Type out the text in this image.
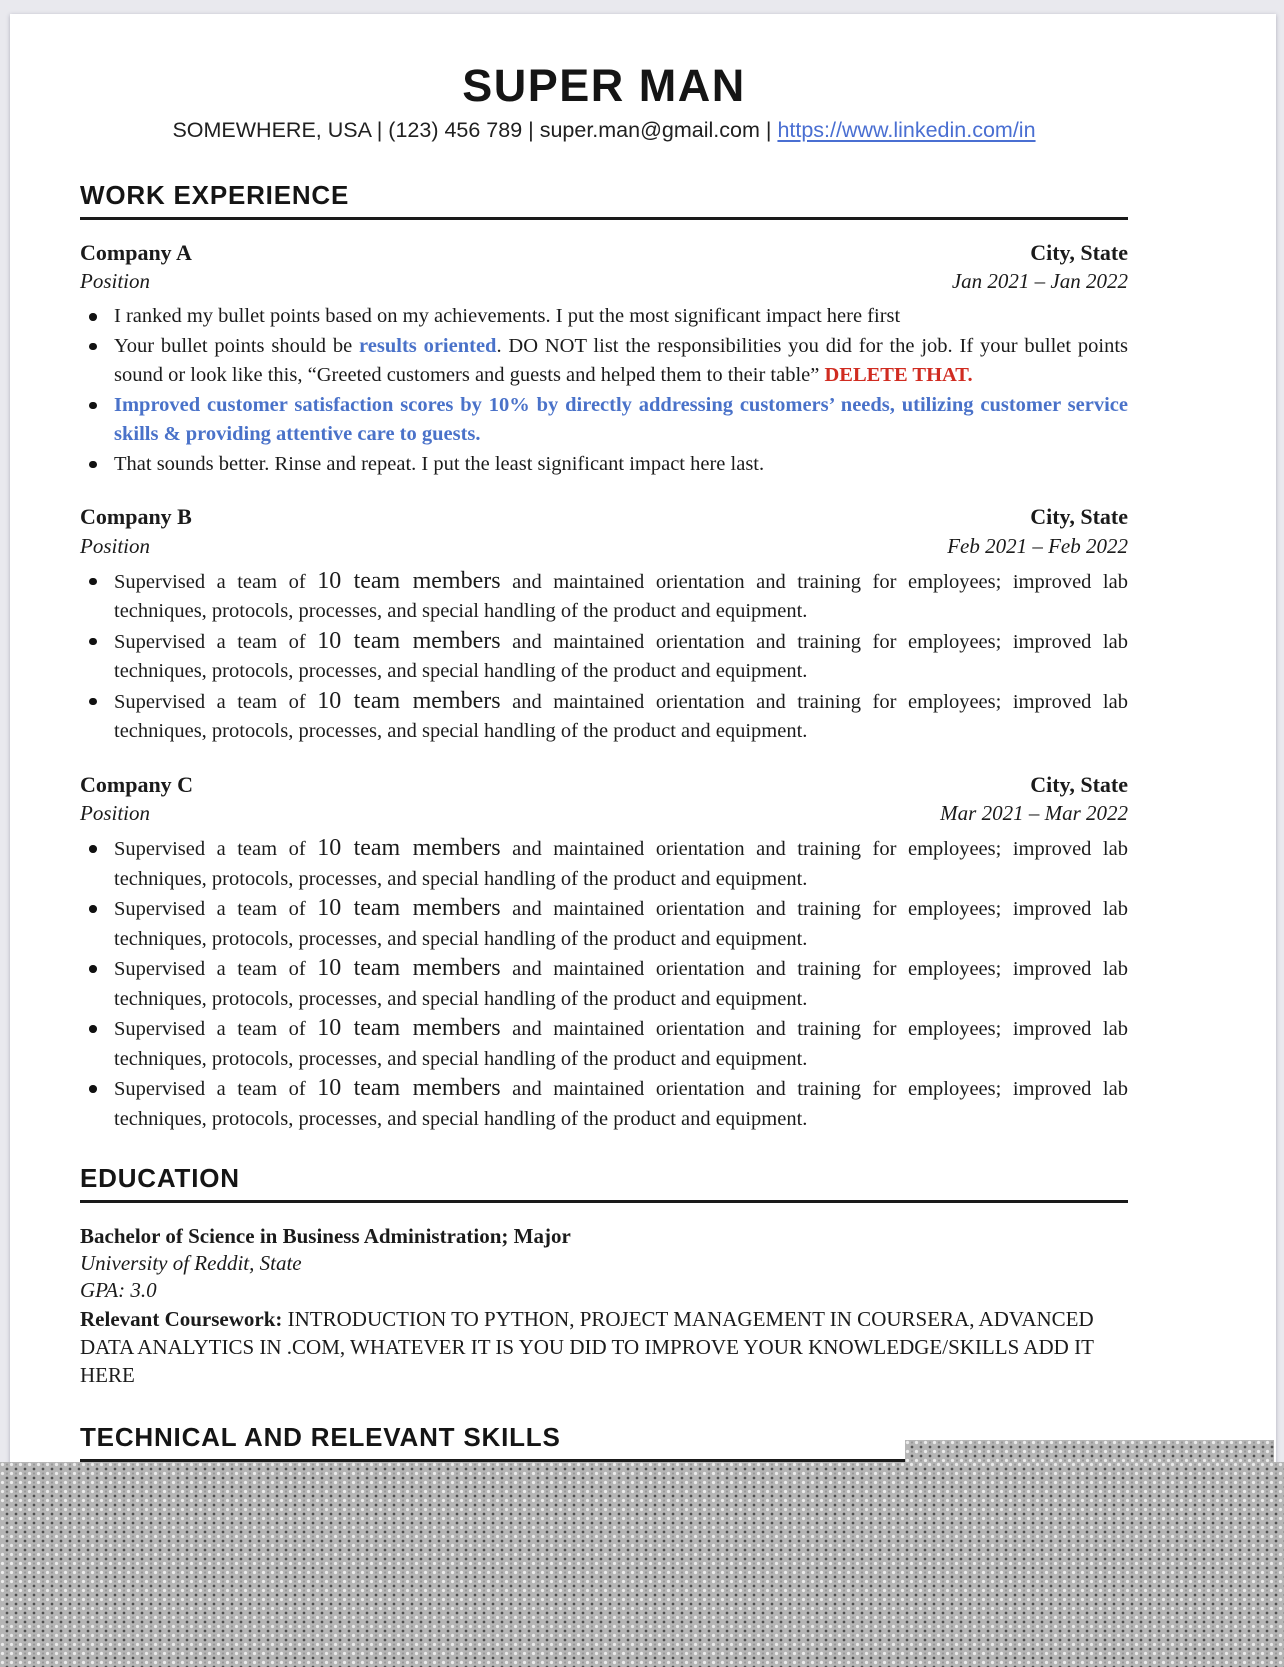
SUPER MAN
SOMEWHERE, USA | (123) 456 789 | super.man@gmail.com | https://www.linkedin.com/in
WORK EXPERIENCE
Company A	City, State
Position	Jan 2021 – Jan 2022
I ranked my bullet points based on my achievements. I put the most significant impact here first
Your bullet points should be results oriented. DO NOT list the responsibilities you did for the job. If your bullet points sound or look like this, “Greeted customers and guests and helped them to their table” DELETE THAT.
Improved customer satisfaction scores by 10% by directly addressing customers’ needs, utilizing customer service skills & providing attentive care to guests.
That sounds better. Rinse and repeat. I put the least significant impact here last.
Company B	City, State
Position	Feb 2021 – Feb 2022
Supervised a team of 10 team members and maintained orientation and training for employees; improved lab techniques, protocols, processes, and special handling of the product and equipment.
Supervised a team of 10 team members and maintained orientation and training for employees; improved lab techniques, protocols, processes, and special handling of the product and equipment.
Supervised a team of 10 team members and maintained orientation and training for employees; improved lab techniques, protocols, processes, and special handling of the product and equipment.
Company C	City, State
Position	Mar 2021 – Mar 2022
Supervised a team of 10 team members and maintained orientation and training for employees; improved lab techniques, protocols, processes, and special handling of the product and equipment.
Supervised a team of 10 team members and maintained orientation and training for employees; improved lab techniques, protocols, processes, and special handling of the product and equipment.
Supervised a team of 10 team members and maintained orientation and training for employees; improved lab techniques, protocols, processes, and special handling of the product and equipment.
Supervised a team of 10 team members and maintained orientation and training for employees; improved lab techniques, protocols, processes, and special handling of the product and equipment.
Supervised a team of 10 team members and maintained orientation and training for employees; improved lab techniques, protocols, processes, and special handling of the product and equipment.
EDUCATION

Bachelor of Science in Business Administration; Major

University of Reddit, State

GPA: 3.0

Relevant Coursework: INTRODUCTION TO PYTHON, PROJECT MANAGEMENT IN COURSERA, ADVANCED DATA ANALYTICS IN .COM, WHATEVER IT IS YOU DID TO IMPROVE YOUR KNOWLEDGE/SKILLS ADD IT HERE

TECHNICAL AND RELEVANT SKILLS
